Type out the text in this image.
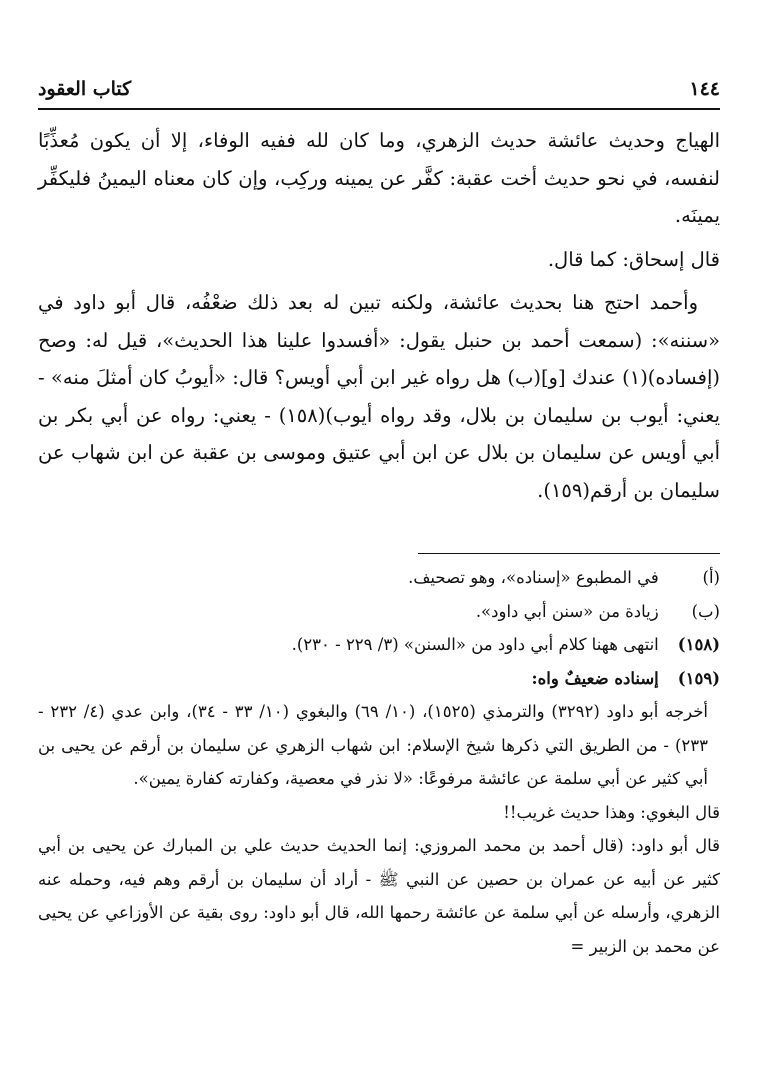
١٤٤
كتاب العقود

الهياج وحديث عائشة حديث الزهري، وما كان لله ففيه الوفاء، إلا أن يكون مُعذِّبًا لنفسه، في نحو حديث أخت عقبة: كفَّر عن يمينه وركِب، وإن كان معناه اليمينُ فليكفِّر يمينَه.

قال إسحاق: كما قال.

وأحمد احتج هنا بحديث عائشة، ولكنه تبين له بعد ذلك ضعْفُه، قال أبو داود في «سننه»: (سمعت أحمد بن حنبل يقول: «أفسدوا علينا هذا الحديث»، قيل له: وصح (إفساده)(١) عندك [و](ب) هل رواه غير ابن أبي أويس؟ قال: «أيوبُ كان أمثلَ منه» - يعني: أيوب بن سليمان بن بلال، وقد رواه أيوب)(١٥٨) - يعني: رواه عن أبي بكر بن أبي أويس عن سليمان بن بلال عن ابن أبي عتيق وموسى بن عقبة عن ابن شهاب عن سليمان بن أرقم(١٥٩).

(أ) في المطبوع «إسناده»، وهو تصحيف.

(ب) زيادة من «سنن أبي داود».

(١٥٨) انتهى ههنا كلام أبي داود من «السنن» (٣/ ٢٢٩ - ٢٣٠).

(١٥٩) إسناده ضعيفٌ واه:

أخرجه أبو داود (٣٢٩٢) والترمذي (١٥٢٥)، (١٠/ ٦٩) والبغوي (١٠/ ٣٣ - ٣٤)، وابن عدي (٤/ ٢٣٢ - ٢٣٣) - من الطريق التي ذكرها شيخ الإسلام: ابن شهاب الزهري عن سليمان بن أرقم عن يحيى بن أبي كثير عن أبي سلمة عن عائشة مرفوعًا: «لا نذر في معصية، وكفارته كفارة يمين».

قال البغوي: وهذا حديث غريب!!

قال أبو داود: (قال أحمد بن محمد المروزي: إنما الحديث حديث علي بن المبارك عن يحيى بن أبي كثير عن أبيه عن عمران بن حصين عن النبي ﷺ - أراد أن سليمان بن أرقم وهم فيه، وحمله عنه الزهري، وأرسله عن أبي سلمة عن عائشة رحمها الله، قال أبو داود: روى بقية عن الأوزاعي عن يحيى عن محمد بن الزبير =
